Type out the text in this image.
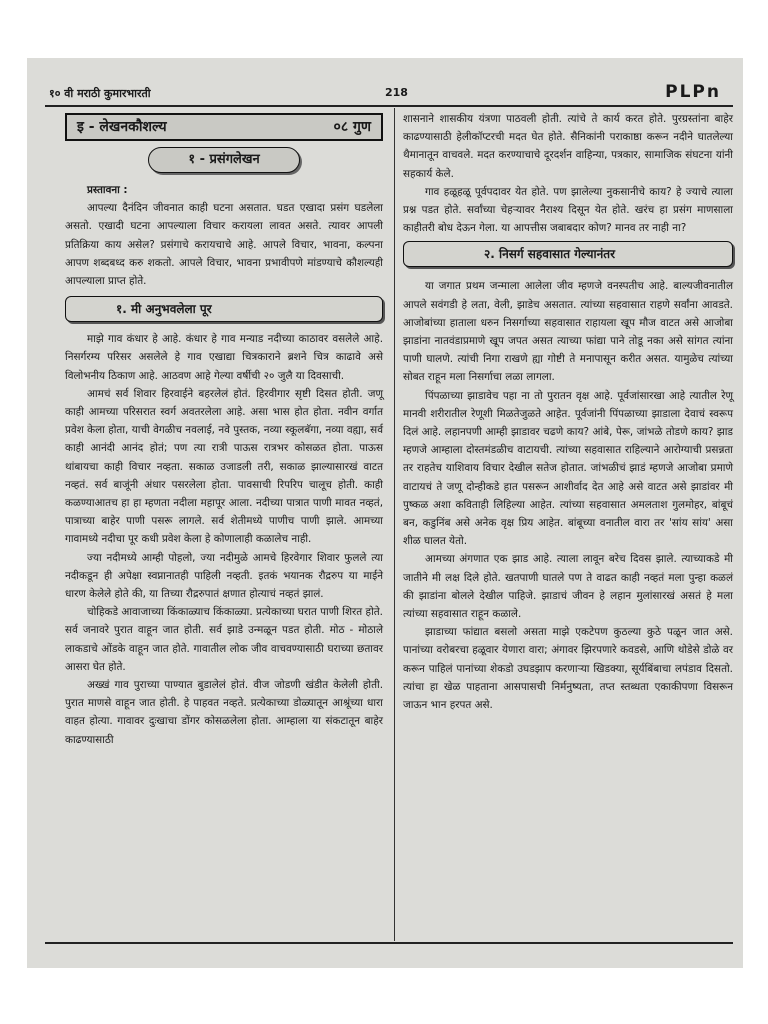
१० वी मराठी कुमारभारती	218	PLPn
इ - लेखनकौशल्य	०८ गुण
१ - प्रसंगलेखन
प्रस्तावना :

आपल्या दैनंदिन जीवनात काही घटना असतात. घडत एखादा प्रसंग घडलेला असतो. एखादी घटना आपल्याला विचार करायला लावत असते. त्यावर आपली प्रतिक्रिया काय असेल? प्रसंगाचे करायचाचे आहे. आपले विचार, भावना, कल्पना आपण शब्दबध्द करु शकतो. आपले विचार, भावना प्रभावीपणे मांडण्याचे कौशल्यही आपल्याला प्राप्त होते.

१. मी अनुभवलेला पूर

माझे गाव कंधार हे आहे. कंधार हे गाव मन्याड नदीच्या काठावर वसलेले आहे. निसर्गरम्य परिसर असलेले हे गाव एखाद्या चित्रकाराने ब्रशने चित्र काढावे असे विलोभनीय ठिकाण आहे. आठवण आहे गेल्या वर्षीची २० जुलै या दिवसाची.

आमचं सर्व शिवार हिरवाईने बहरलेलं होतं. हिरवीगार सृष्टी दिसत होती. जणू काही आमच्या परिसरात स्वर्ग अवतरलेला आहे. असा भास होत होता. नवीन वर्गात प्रवेश केला होता, याची वेगळीच नवलाई, नवे पुस्तक, नव्या स्कूलबॅगा, नव्या वह्या, सर्व काही आनंदी आनंद होतं; पण त्या रात्री पाऊस रात्रभर कोसळत होता. पाऊस थांबायचा काही विचार नव्हता. सकाळ उजाडली तरी, सकाळ झाल्यासारखं वाटत नव्हतं. सर्व बाजूंनी अंधार पसरलेला होता. पावसाची रिपरिप चालूच होती. काही कळण्याआतच हा हा म्हणता नदीला महापूर आला. नदीच्या पात्रात पाणी मावत नव्हतं, पात्राच्या बाहेर पाणी पसरू लागले. सर्व शेतीमध्ये पाणीच पाणी झाले. आमच्या गावामध्ये नदीचा पूर कधी प्रवेश केला हे कोणालाही कळालेच नाही.

ज्या नदीमध्ये आम्ही पोहलो, ज्या नदीमुळे आमचे हिरवेगार शिवार फुलले त्या नदीकडून ही अपेक्षा स्वप्नानातही पाहिली नव्हती. इतकं भयानक रौद्ररुप या माईने धारण केलेले होते की, या तिच्या रौद्ररुपातं क्षणात होत्याचं नव्हतं झालं.

चोहिकडे आवाजाच्या किंकाळ्याच किंकाळ्या. प्रत्येकाच्या घरात पाणी शिरत होते. सर्व जनावरे पुरात वाहून जात होती. सर्व झाडे उन्मळून पडत होती. मोठ - मोठाले लाकडाचे ओंडके वाहून जात होते. गावातील लोक जीव वाचवण्यासाठी घराच्या छतावर आसरा घेत होते.

अख्खं गाव पुराच्या पाण्यात बुडालेलं होतं. वीज जोडणी खंडीत केलेली होती. पुरात माणसे वाहून जात होती. हे पाहवत नव्हते. प्रत्येकाच्या डोळ्यातून आश्रूंच्या धारा वाहत होत्या. गावावर दुःखाचा डोंगर कोसळलेला होता. आम्हाला या संकटातून बाहेर काढण्यासाठी

शासनाने शासकीय यंत्रणा पाठवली होती. त्यांचे ते कार्य करत होते. पुरग्रस्तांना बाहेर काढण्यासाठी हेलीकॉप्टरची मदत घेत होते. सैनिकांनी पराकाष्ठा करून नदीने घातलेल्या थैमानातून वाचवले. मदत करण्याचाचे दूरदर्शन वाहिन्या, पत्रकार, सामाजिक संघटना यांनी सहकार्य केले.

गाव हळूहळू पूर्वपदावर येत होते. पण झालेल्या नुकसानीचे काय? हे ज्याचे त्याला प्रश्न पडत होते. सर्वांच्या चेहऱ्यावर नैराश्य दिसून येत होते. खरंच हा प्रसंग माणसाला काहीतरी बोध देऊन गेला. या आपत्तीस जबाबदार कोण? मानव तर नाही ना?

२. निसर्ग सहवासात गेल्यानंतर

या जगात प्रथम जन्माला आलेला जीव म्हणजे वनस्पतीच आहे. बाल्यजीवनातील आपले सवंगडी हे लता, वेली, झाडेच असतात. त्यांच्या सहवासात राहणे सर्वांना आवडते. आजोबांच्या हाताला धरुन निसर्गाच्या सहवासात राहायला खूप मौज वाटत असे आजोबा झाडांना नातवंडाप्रमाणे खूप जपत असत त्याच्या फांद्या पाने तोडू नका असे सांगत त्यांना पाणी घालणे. त्यांची निगा राखणे ह्या गोष्टी ते मनापासून करीत असत. यामुळेच त्यांच्या सोबत राहून मला निसर्गाचा लळा लागला.

पिंपळाच्या झाडावेच पहा ना तो पुरातन वृक्ष आहे. पूर्वजांसारखा आहे त्यातील रेणू मानवी शरीरातील रेणूशी मिळतेजुळते आहेत. पूर्वजांनी पिंपळाच्या झाडाला देवाचं स्वरूप दिलं आहे. लहानपणी आम्ही झाडावर चढणे काय? आंबे, पेरू, जांभळे तोडणे काय? झाड म्हणजे आम्हाला दोस्तमंडळीच वाटायची. त्यांच्या सहवासात राहिल्याने आरोग्याची प्रसन्नता तर राहतेच याशिवाय विचार देखील सतेज होतात. जांभळीचं झाडं म्हणजे आजोबा प्रमाणे वाटायचं ते जणू दोन्हीकडे हात पसरून आशीर्वाद देत आहे असे वाटत असे झाडांवर मी पुष्कळ अशा कविताही लिहिल्या आहेत. त्यांच्या सहवासात अमलताश गुलमोहर, बांबूचं बन, कडुनिंब असे अनेक वृक्ष प्रिय आहेत. बांबूच्या वनातील वारा तर 'सांय सांय' असा शीळ घालत येतो.

आमच्या अंगणात एक झाड आहे. त्याला लावून बरेच दिवस झाले. त्याच्याकडे मी जातीने मी लक्ष दिले होते. खतपाणी घातले पण ते वाढत काही नव्हतं मला पुन्हा कळलं की झाडांना बोलले देखील पाहिजे. झाडाचं जीवन हे लहान मुलांसारखं असतं हे मला त्यांच्या सहवासात राहून कळाले.

झाडाच्या फांद्यात बसलो असता माझे एकटेपण कुठल्या कुठे पळून जात असे. पानांच्या वरोबरचा हळूवार येणारा वारा; अंगावर झिरपणारे कवडसे, आणि थोडेसे डोळे वर करून पाहिलं पानांच्या शेकडो उघडझाप करणाऱ्या खिडक्या, सूर्यबिंबाचा लपंडाव दिसतो. त्यांचा हा खेळ पाहताना आसपासची निर्मनुष्यता, तप्त स्तब्धता एकाकीपणा विसरून जाऊन भान हरपत असे.
